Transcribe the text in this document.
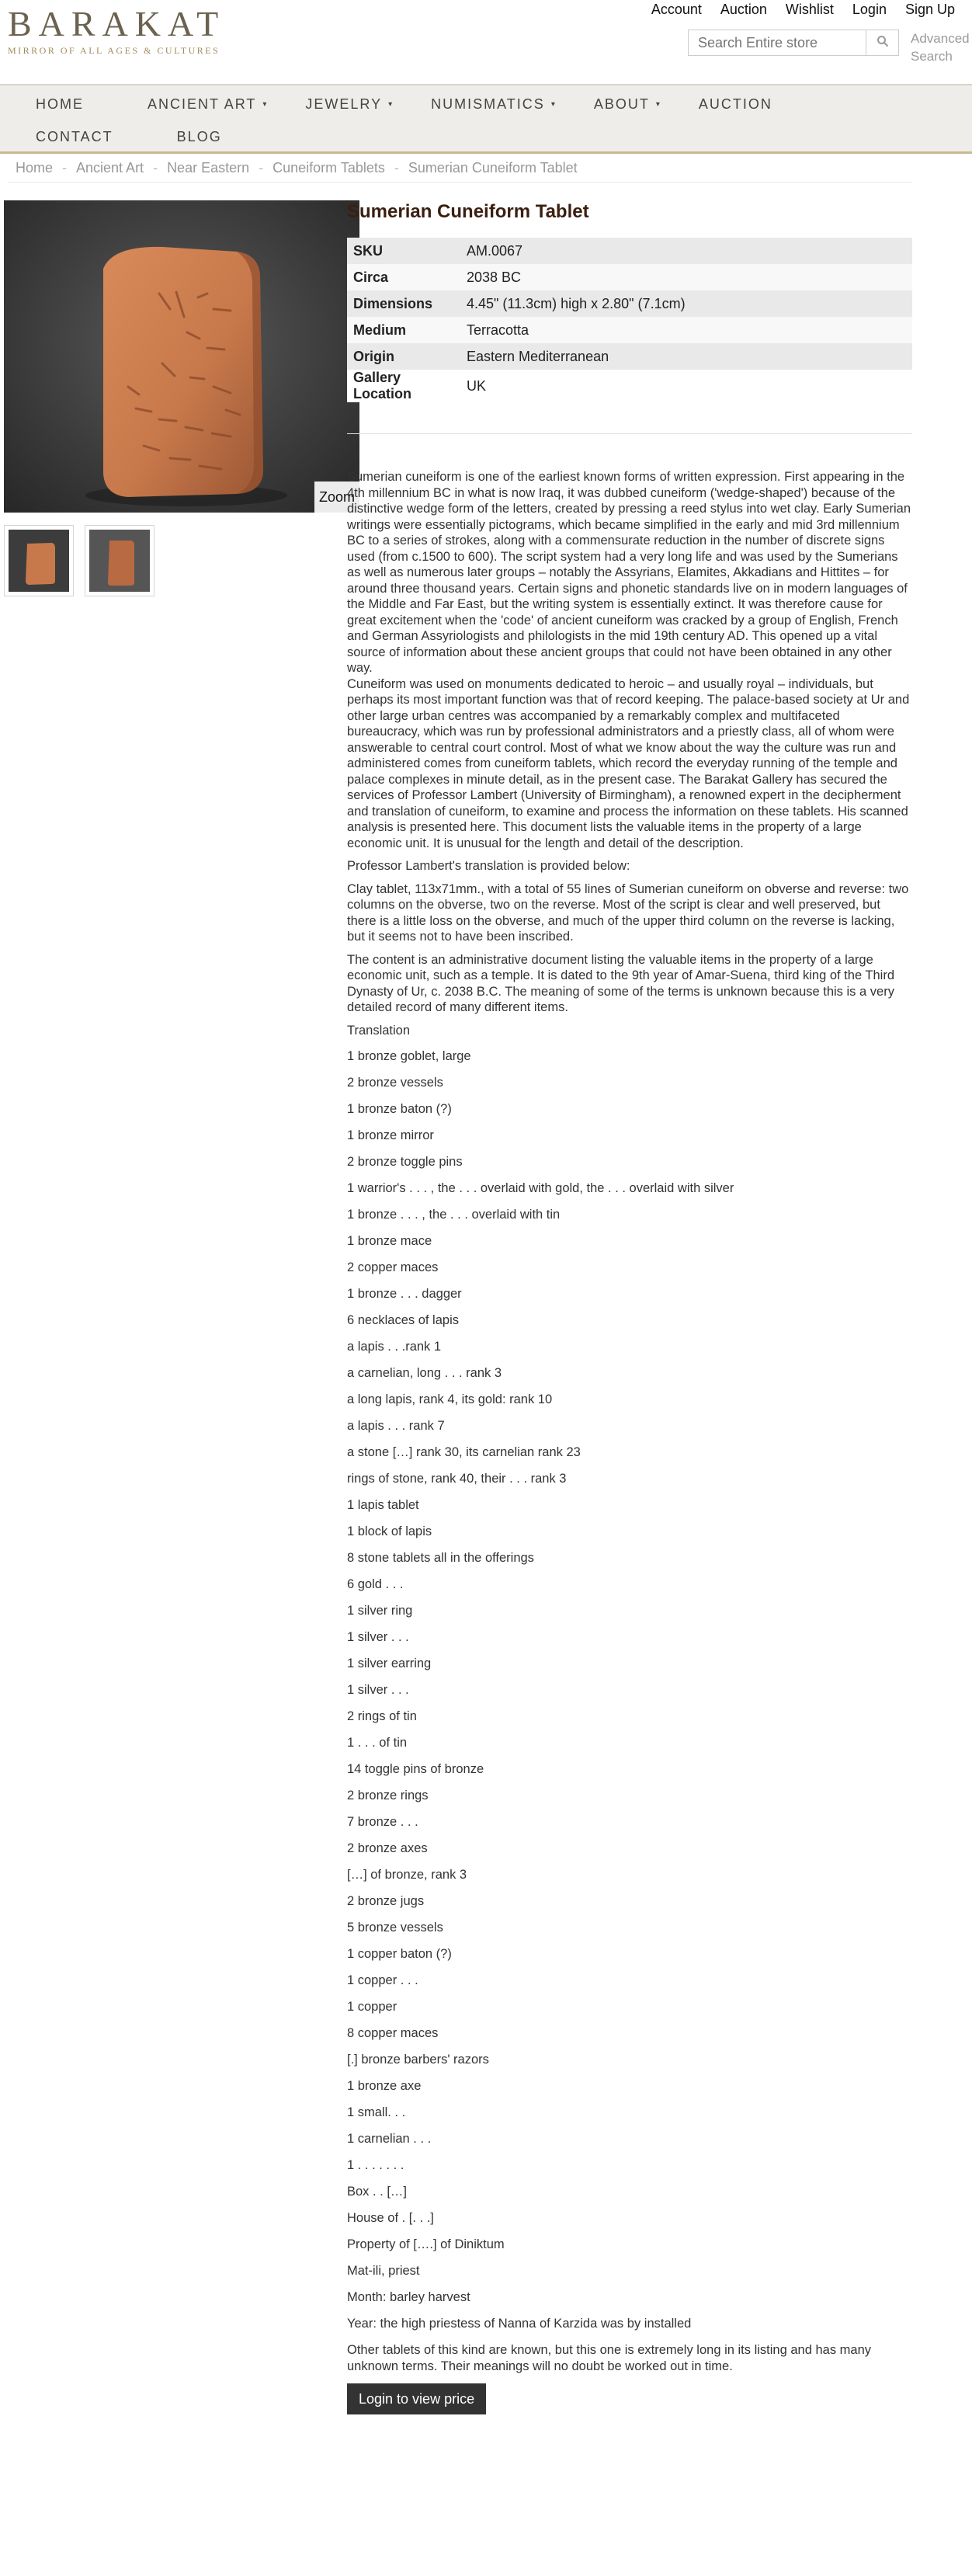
BARAKAT
MIRROR OF ALL AGES & CULTURES
Account Auction Wishlist Login Sign Up
Search Entire store
Advanced Search
HOME	ANCIENT ART ▾	JEWELRY ▾	NUMISMATICS ▾	ABOUT ▾	AUCTION
CONTACT	BLOG
Home - Ancient Art - Near Eastern - Cuneiform Tablets - Sumerian Cuneiform Tablet
Zoom
Sumerian Cuneiform Tablet
SKU	AM.0067
Circa	2038 BC
Dimensions	4.45" (11.3cm) high x 2.80" (7.1cm)
Medium	Terracotta
Origin	Eastern Mediterranean
Gallery Location	UK

Sumerian cuneiform is one of the earliest known forms of written expression. First appearing in the 4th millennium BC in what is now Iraq, it was dubbed cuneiform ('wedge-shaped') because of the distinctive wedge form of the letters, created by pressing a reed stylus into wet clay. Early Sumerian writings were essentially pictograms, which became simplified in the early and mid 3rd millennium BC to a series of strokes, along with a commensurate reduction in the number of discrete signs used (from c.1500 to 600). The script system had a very long life and was used by the Sumerians as well as numerous later groups – notably the Assyrians, Elamites, Akkadians and Hittites – for around three thousand years. Certain signs and phonetic standards live on in modern languages of the Middle and Far East, but the writing system is essentially extinct. It was therefore cause for great excitement when the 'code' of ancient cuneiform was cracked by a group of English, French and German Assyriologists and philologists in the mid 19th century AD. This opened up a vital source of information about these ancient groups that could not have been obtained in any other way.

Cuneiform was used on monuments dedicated to heroic – and usually royal – individuals, but perhaps its most important function was that of record keeping. The palace-based society at Ur and other large urban centres was accompanied by a remarkably complex and multifaceted bureaucracy, which was run by professional administrators and a priestly class, all of whom were answerable to central court control. Most of what we know about the way the culture was run and administered comes from cuneiform tablets, which record the everyday running of the temple and palace complexes in minute detail, as in the present case. The Barakat Gallery has secured the services of Professor Lambert (University of Birmingham), a renowned expert in the decipherment and translation of cuneiform, to examine and process the information on these tablets. His scanned analysis is presented here. This document lists the valuable items in the property of a large economic unit. It is unusual for the length and detail of the description.

Professor Lambert's translation is provided below:

Clay tablet, 113x71mm., with a total of 55 lines of Sumerian cuneiform on obverse and reverse: two columns on the obverse, two on the reverse. Most of the script is clear and well preserved, but there is a little loss on the obverse, and much of the upper third column on the reverse is lacking, but it seems not to have been inscribed.

The content is an administrative document listing the valuable items in the property of a large economic unit, such as a temple. It is dated to the 9th year of Amar-Suena, third king of the Third Dynasty of Ur, c. 2038 B.C. The meaning of some of the terms is unknown because this is a very detailed record of many different items.

Translation

1 bronze goblet, large
2 bronze vessels
1 bronze baton (?)
1 bronze mirror
2 bronze toggle pins
1 warrior's . . . , the . . . overlaid with gold, the . . . overlaid with silver
1 bronze . . . , the . . . overlaid with tin
1 bronze mace
2 copper maces
1 bronze . . . dagger
6 necklaces of lapis
a lapis . . .rank 1
a carnelian, long . . . rank 3
a long lapis, rank 4, its gold: rank 10
a lapis . . . rank 7
a stone […] rank 30, its carnelian rank 23
rings of stone, rank 40, their . . . rank 3
1 lapis tablet
1 block of lapis
8 stone tablets all in the offerings
6 gold . . .
1 silver ring
1 silver . . .
1 silver earring
1 silver . . .
2 rings of tin
1 . . . of tin
14 toggle pins of bronze
2 bronze rings
7 bronze . . .
2 bronze axes
[…] of bronze, rank 3
2 bronze jugs
5 bronze vessels
1 copper baton (?)
1 copper . . .
1 copper
8 copper maces
[.] bronze barbers' razors
1 bronze axe
1 small. . .
1 carnelian . . .
1 . . . . . . .
Box . . […]
House of . [. . .]
Property of [….] of Diniktum
Mat-ili, priest
Month: barley harvest
Year: the high priestess of Nanna of Karzida was by installed

Other tablets of this kind are known, but this one is extremely long in its listing and has many unknown terms. Their meanings will no doubt be worked out in time.

Login to view price
